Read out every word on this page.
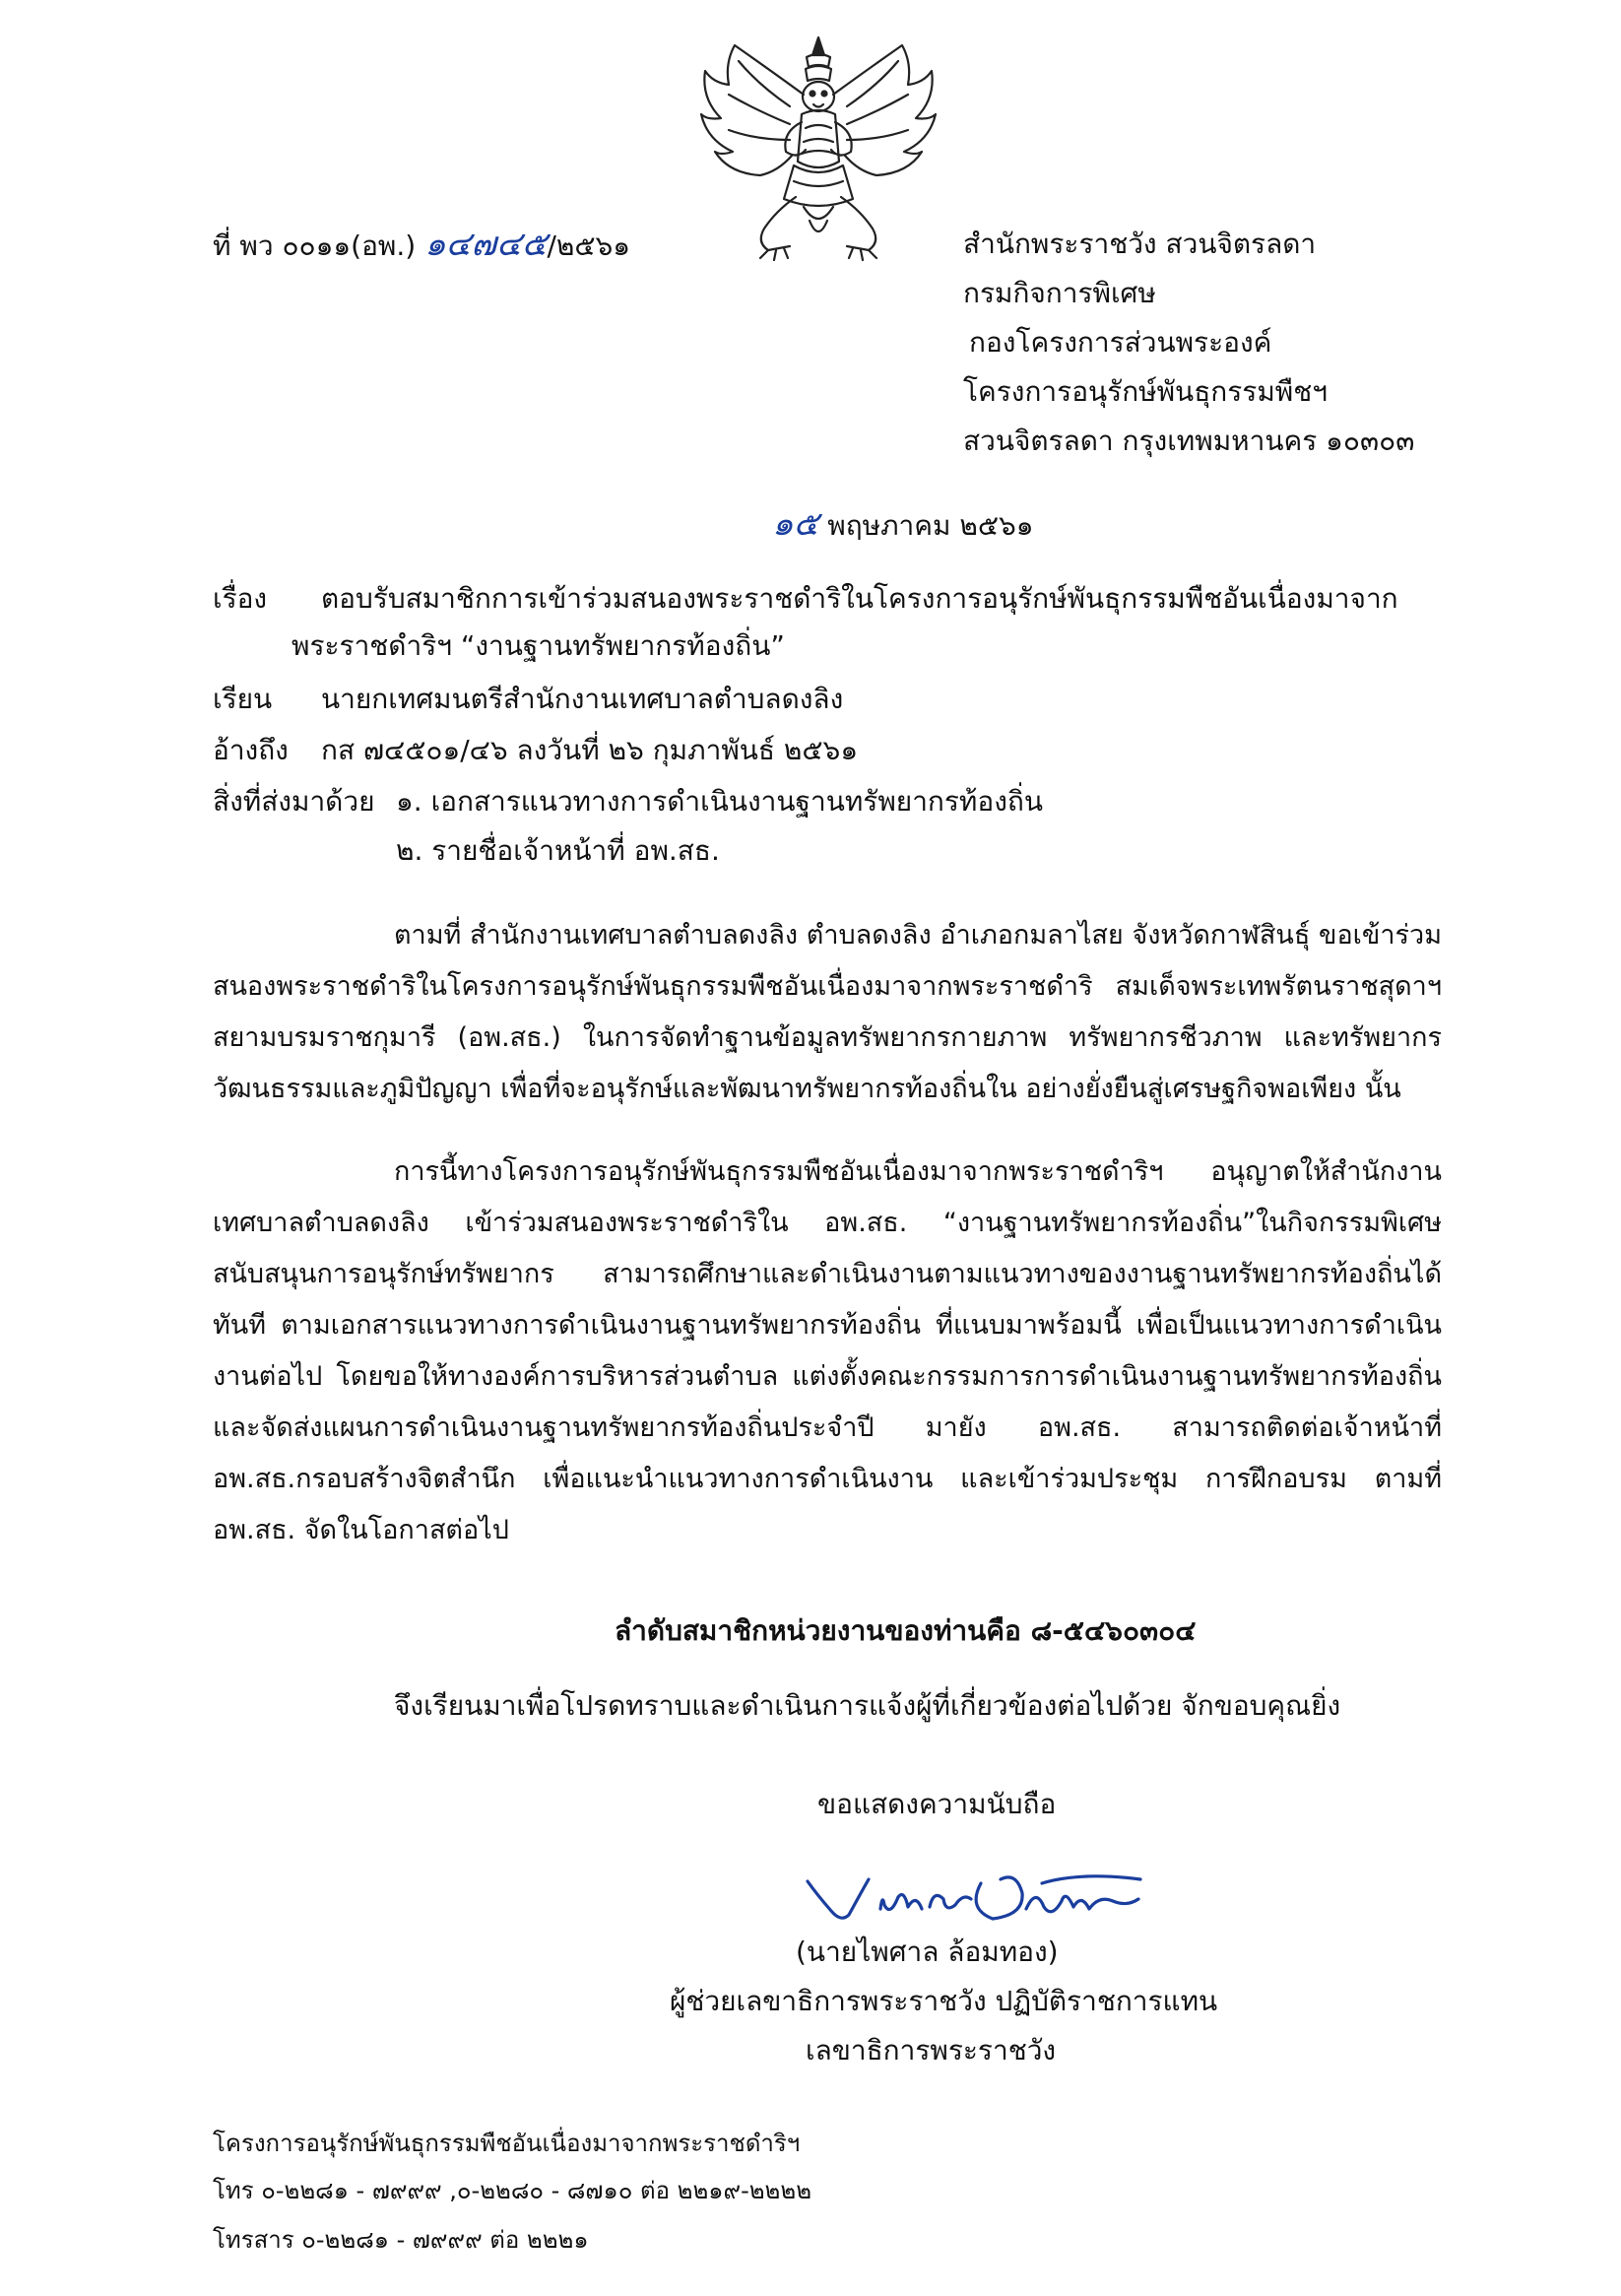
ที่ พว ๐๐๑๑(อพ.) ๑๔๗๔๕/๒๕๖๑	สำนักพระราชวัง สวนจิตรลดา
กรมกิจการพิเศษ
กองโครงการส่วนพระองค์
โครงการอนุรักษ์พันธุกรรมพืชฯ
สวนจิตรลดา กรุงเทพมหานคร ๑๐๓๐๓
๑๕ พฤษภาคม ๒๕๖๑
เรื่อง ตอบรับสมาชิกการเข้าร่วมสนองพระราชดำริในโครงการอนุรักษ์พันธุกรรมพืชอันเนื่องมาจาก
พระราชดำริฯ “งานฐานทรัพยากรท้องถิ่น”
เรียน นายกเทศมนตรีสำนักงานเทศบาลตำบลดงลิง
อ้างถึง กส ๗๔๕๐๑/๔๖ ลงวันที่ ๒๖ กุมภาพันธ์ ๒๕๖๑
สิ่งที่ส่งมาด้วย ๑. เอกสารแนวทางการดำเนินงานฐานทรัพยากรท้องถิ่น
๒. รายชื่อเจ้าหน้าที่ อพ.สธ.
ตามที่ สำนักงานเทศบาลตำบลดงลิง ตำบลดงลิง อำเภอกมลาไสย จังหวัดกาฬสินธุ์ ขอเข้าร่วมสนองพระราชดำริในโครงการอนุรักษ์พันธุกรรมพืชอันเนื่องมาจากพระราชดำริ สมเด็จพระเทพรัตนราชสุดาฯ สยามบรมราชกุมารี (อพ.สธ.) ในการจัดทำฐานข้อมูลทรัพยากรกายภาพ ทรัพยากรชีวภาพ และทรัพยากรวัฒนธรรมและภูมิปัญญา เพื่อที่จะอนุรักษ์และพัฒนาทรัพยากรท้องถิ่นใน อย่างยั่งยืนสู่เศรษฐกิจพอเพียง นั้น
การนี้ทางโครงการอนุรักษ์พันธุกรรมพืชอันเนื่องมาจากพระราชดำริฯ อนุญาตให้สำนักงานเทศบาลตำบลดงลิง เข้าร่วมสนองพระราชดำริใน อพ.สธ. “งานฐานทรัพยากรท้องถิ่น”ในกิจกรรมพิเศษสนับสนุนการอนุรักษ์ทรัพยากร สามารถศึกษาและดำเนินงานตามแนวทางของงานฐานทรัพยากรท้องถิ่นได้ทันที ตามเอกสารแนวทางการดำเนินงานฐานทรัพยากรท้องถิ่น ที่แนบมาพร้อมนี้ เพื่อเป็นแนวทางการดำเนินงานต่อไป โดยขอให้ทางองค์การบริหารส่วนตำบล แต่งตั้งคณะกรรมการการดำเนินงานฐานทรัพยากรท้องถิ่นและจัดส่งแผนการดำเนินงานฐานทรัพยากรท้องถิ่นประจำปี มายัง อพ.สธ. สามารถติดต่อเจ้าหน้าที่ อพ.สธ.กรอบสร้างจิตสำนึก เพื่อแนะนำแนวทางการดำเนินงาน และเข้าร่วมประชุม การฝึกอบรม ตามที่ อพ.สธ. จัดในโอกาสต่อไป
ลำดับสมาชิกหน่วยงานของท่านคือ ๘-๕๔๖๐๓๐๔
จึงเรียนมาเพื่อโปรดทราบและดำเนินการแจ้งผู้ที่เกี่ยวข้องต่อไปด้วย จักขอบคุณยิ่ง
ขอแสดงความนับถือ
(นายไพศาล ล้อมทอง)
ผู้ช่วยเลขาธิการพระราชวัง ปฏิบัติราชการแทน
เลขาธิการพระราชวัง
โครงการอนุรักษ์พันธุกรรมพืชอันเนื่องมาจากพระราชดำริฯ
โทร ๐-๒๒๘๑ - ๗๙๙๙ ,๐-๒๒๘๐ - ๘๗๑๐ ต่อ ๒๒๑๙-๒๒๒๒
โทรสาร ๐-๒๒๘๑ - ๗๙๙๙ ต่อ ๒๒๒๑
